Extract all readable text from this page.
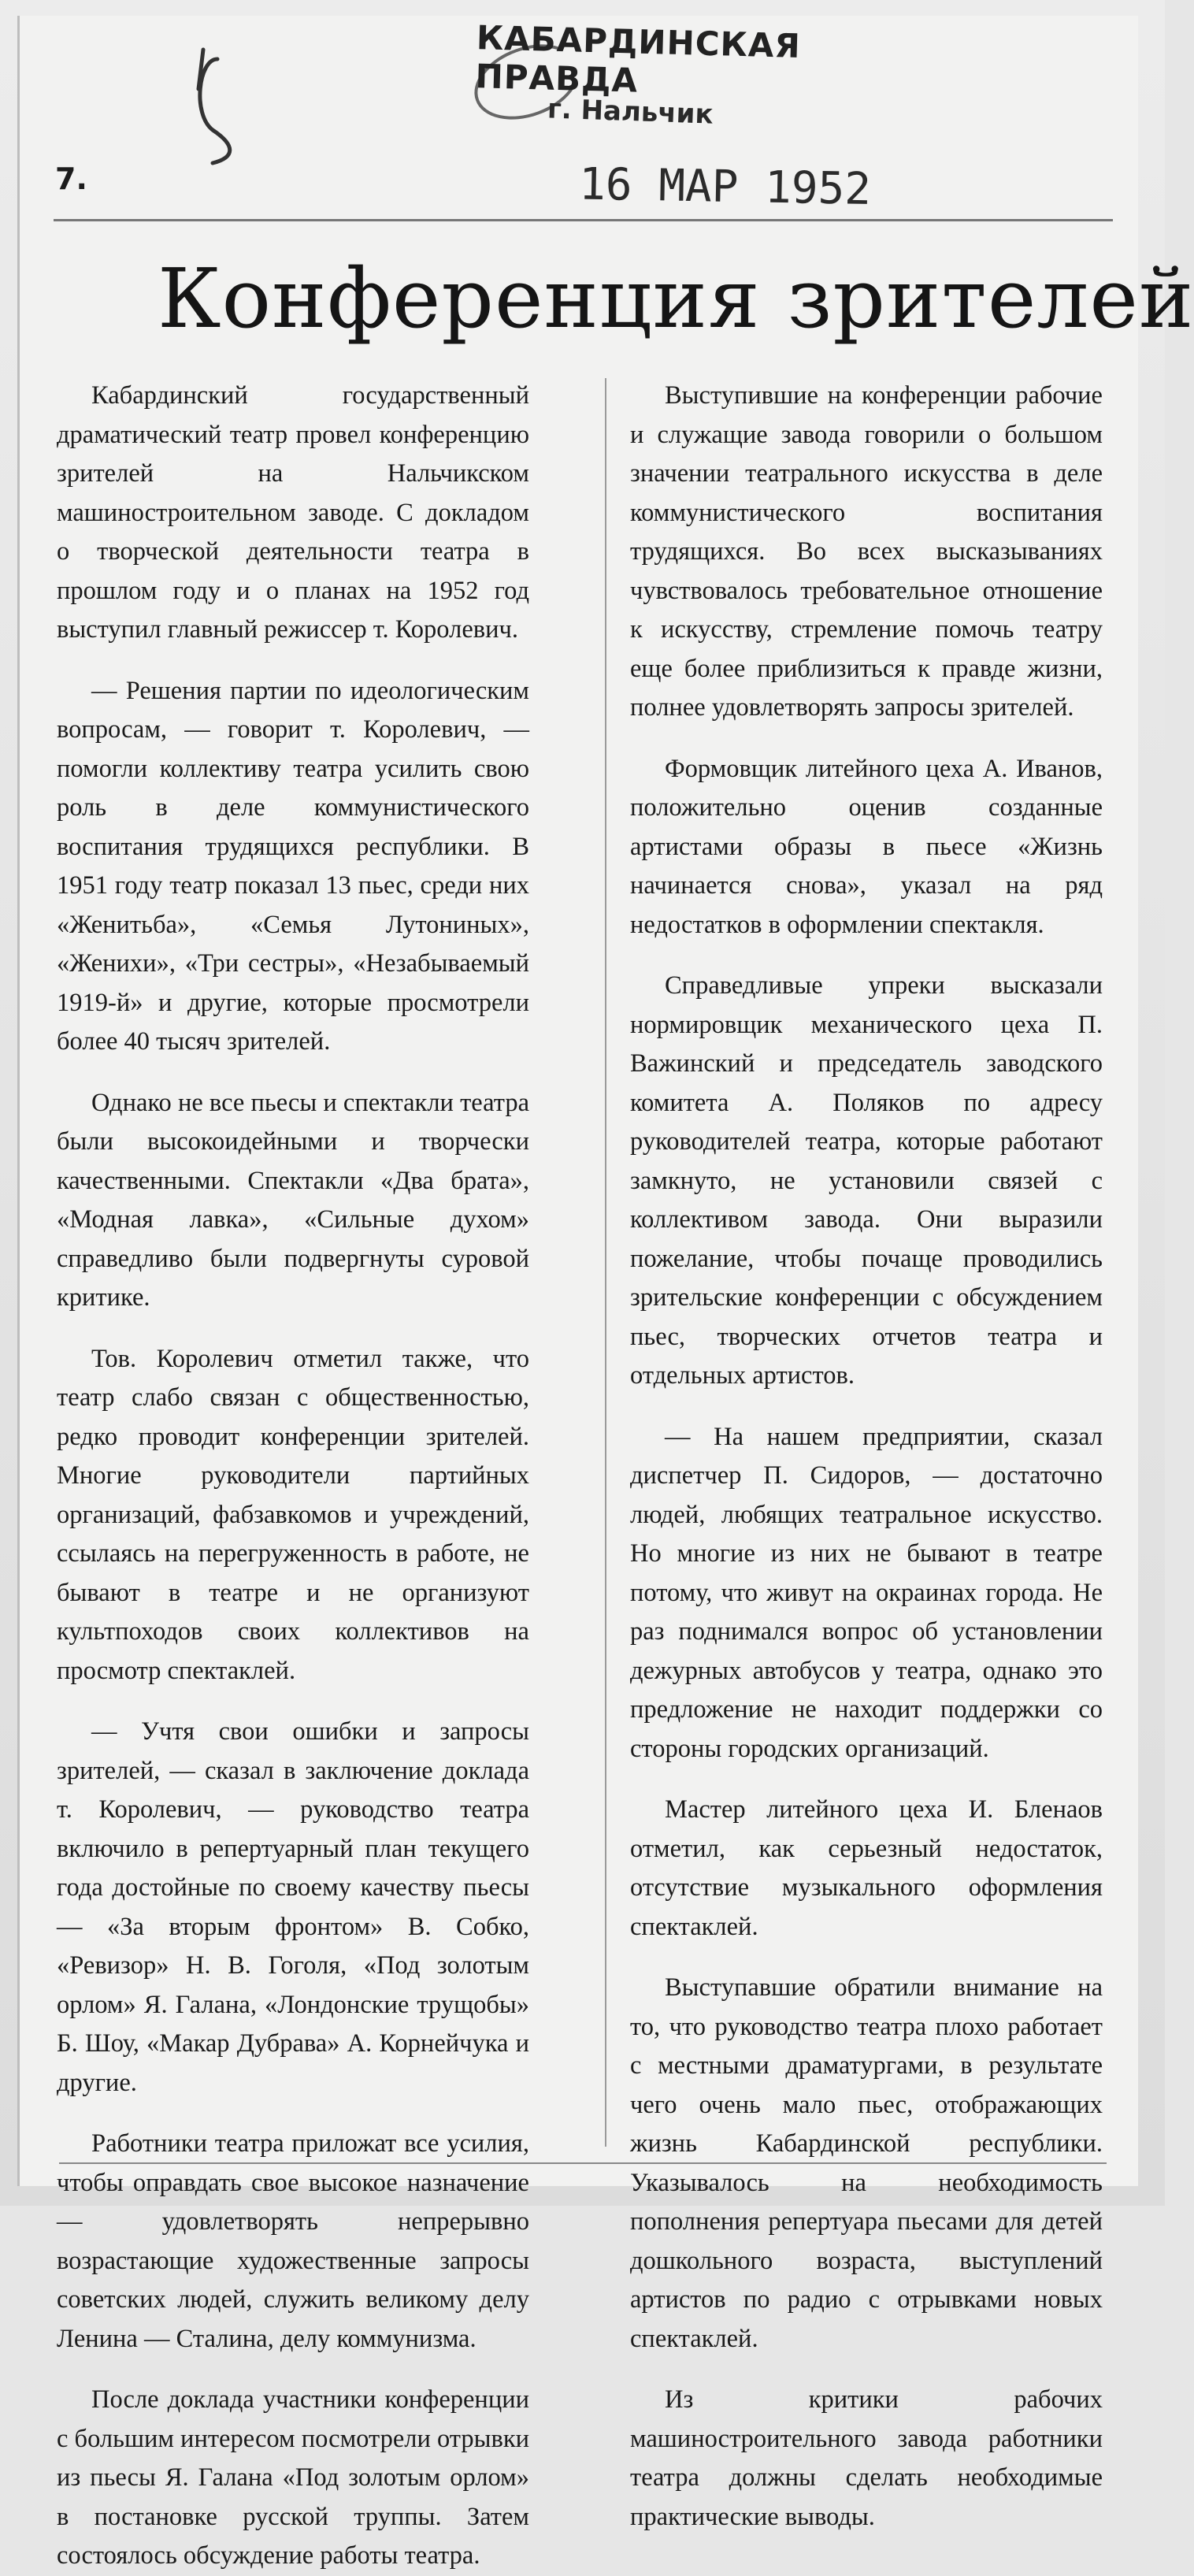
КАБАРДИНСКАЯ ПРАВДА
г. Нальчик
7.	16 МАР 1952
Конференция зрителей

Кабардинский государственный драматический театр провел конференцию зрителей на Нальчикском машиностроительном заводе. С докладом о творческой деятельности театра в прошлом году и о планах на 1952 год выступил главный режиссер т. Королевич.

— Решения партии по идеологическим вопросам, — говорит т. Королевич, — помогли коллективу театра усилить свою роль в деле коммунистического воспитания трудящихся республики. В 1951 году театр показал 13 пьес, среди них «Женитьба», «Семья Лутониных», «Женихи», «Три сестры», «Незабываемый 1919-й» и другие, которые просмотрели более 40 тысяч зрителей.

Однако не все пьесы и спектакли театра были высокоидейными и творчески качественными. Спектакли «Два брата», «Модная лавка», «Сильные духом» справедливо были подвергнуты суровой критике.

Тов. Королевич отметил также, что театр слабо связан с общественностью, редко проводит конференции зрителей. Многие руководители партийных организаций, фабзавкомов и учреждений, ссылаясь на перегруженность в работе, не бывают в театре и не организуют культпоходов своих коллективов на просмотр спектаклей.

— Учтя свои ошибки и запросы зрителей, — сказал в заключение доклада т. Королевич, — руководство театра включило в репертуарный план текущего года достойные по своему качеству пьесы — «За вторым фронтом» В. Собко, «Ревизор» Н. В. Гоголя, «Под золотым орлом» Я. Галана, «Лондонские трущобы» Б. Шоу, «Макар Дубрава» А. Корнейчука и другие.

Работники театра приложат все усилия, чтобы оправдать свое высокое назначение — удовлетворять непрерывно возрастающие художественные запросы советских людей, служить великому делу Ленина — Сталина, делу коммунизма.

После доклада участники конференции с большим интересом посмотрели отрывки из пьесы Я. Галана «Под золотым орлом» в постановке русской труппы. Затем состоялось обсуждение работы театра.

Выступившие на конференции рабочие и служащие завода говорили о большом значении театрального искусства в деле коммунистического воспитания трудящихся. Во всех высказываниях чувствовалось требовательное отношение к искусству, стремление помочь театру еще более приблизиться к правде жизни, полнее удовлетворять запросы зрителей.

Формовщик литейного цеха А. Иванов, положительно оценив созданные артистами образы в пьесе «Жизнь начинается снова», указал на ряд недостатков в оформлении спектакля.

Справедливые упреки высказали нормировщик механического цеха П. Важинский и председатель заводского комитета А. Поляков по адресу руководителей театра, которые работают замкнуто, не установили связей с коллективом завода. Они выразили пожелание, чтобы почаще проводились зрительские конференции с обсуждением пьес, творческих отчетов театра и отдельных артистов.

— На нашем предприятии, сказал диспетчер П. Сидоров, — достаточно людей, любящих театральное искусство. Но многие из них не бывают в театре потому, что живут на окраинах города. Не раз поднимался вопрос об установлении дежурных автобусов у театра, однако это предложение не находит поддержки со стороны городских организаций.

Мастер литейного цеха И. Бленаов отметил, как серьезный недостаток, отсутствие музыкального оформления спектаклей.

Выступавшие обратили внимание на то, что руководство театра плохо работает с местными драматургами, в результате чего очень мало пьес, отображающих жизнь Кабардинской республики. Указывалось на необходимость пополнения репертуара пьесами для детей дошкольного возраста, выступлений артистов по радио с отрывками новых спектаклей.

Из критики рабочих машиностроительного завода работники театра должны сделать необходимые практические выводы.
